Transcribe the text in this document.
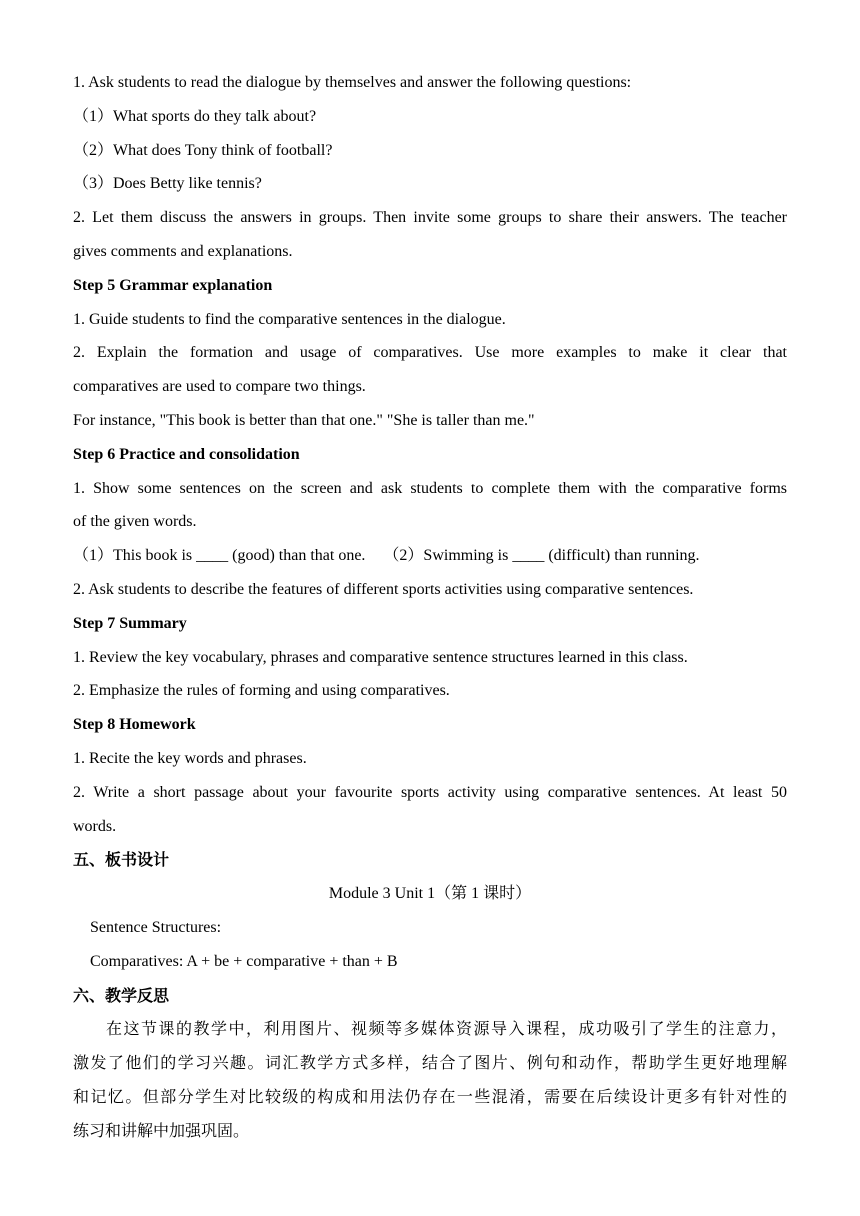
1. Ask students to read the dialogue by themselves and answer the following questions:
（1）What sports do they talk about?
（2）What does Tony think of football?
（3）Does Betty like tennis?
2. Let them discuss the answers in groups. Then invite some groups to share their answers. The teacher
gives comments and explanations.
Step 5 Grammar explanation
1. Guide students to find the comparative sentences in the dialogue.
2. Explain the formation and usage of comparatives. Use more examples to make it clear that
comparatives are used to compare two things.
For instance, "This book is better than that one." "She is taller than me."
Step 6 Practice and consolidation
1. Show some sentences on the screen and ask students to complete them with the comparative forms
of the given words.
（1）This book is ____ (good) than that one. （2）Swimming is ____ (difficult) than running.
2. Ask students to describe the features of different sports activities using comparative sentences.
Step 7 Summary
1. Review the key vocabulary, phrases and comparative sentence structures learned in this class.
2. Emphasize the rules of forming and using comparatives.
Step 8 Homework
1. Recite the key words and phrases.
2. Write a short passage about your favourite sports activity using comparative sentences. At least 50
words.
五、板书设计
Module 3 Unit 1（第 1 课时）
Sentence Structures:
Comparatives: A + be + comparative + than + B
六、教学反思
在这节课的教学中，利用图片、视频等多媒体资源导入课程，成功吸引了学生的注意力，
激发了他们的学习兴趣。词汇教学方式多样，结合了图片、例句和动作，帮助学生更好地理解
和记忆。但部分学生对比较级的构成和用法仍存在一些混淆，需要在后续设计更多有针对性的
练习和讲解中加强巩固。
